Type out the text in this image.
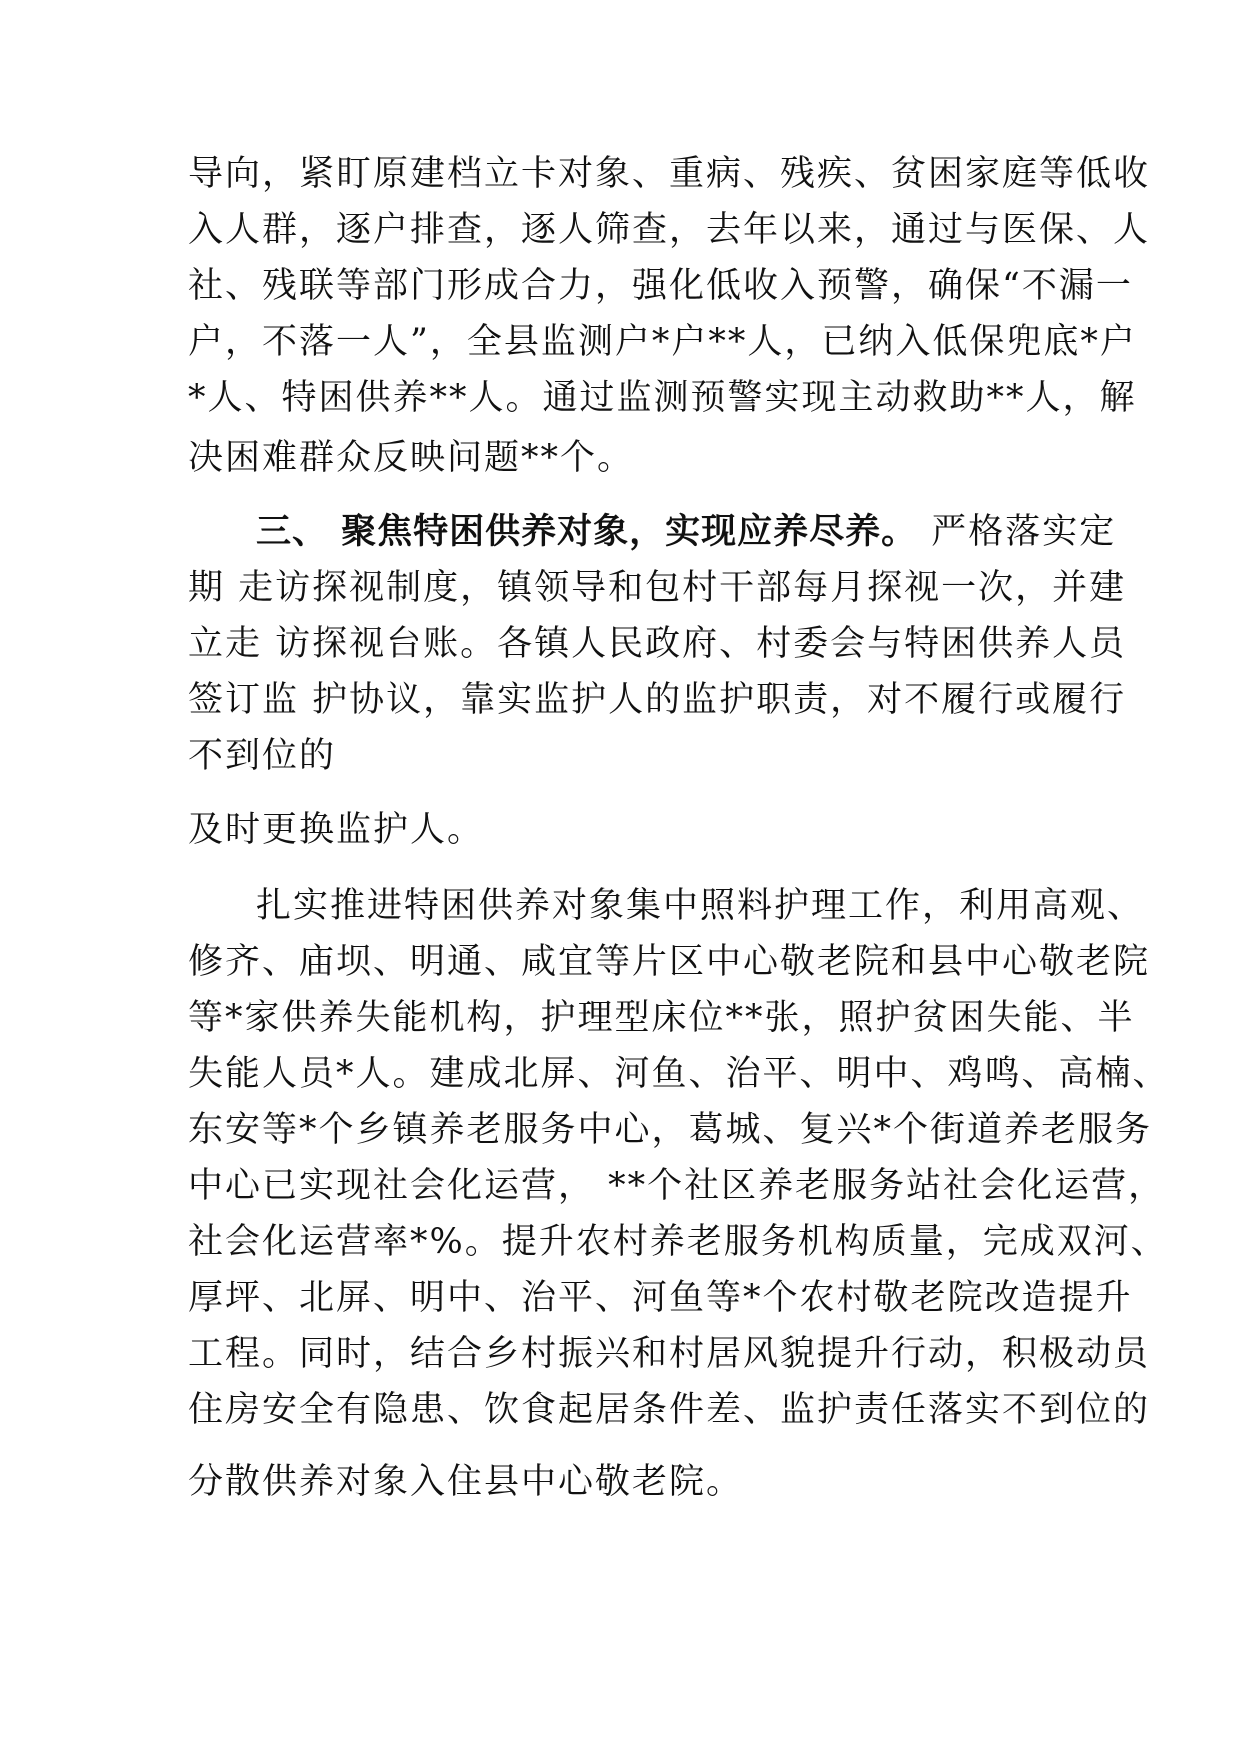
导向，紧盯原建档立卡对象、重病、残疾、贫困家庭等低收
入人群，逐户排查，逐人筛查，去年以来，通过与医保、人
社、残联等部门形成合力，强化低收入预警，确保“不漏一
户，不落一人”，全县监测户*户**人，已纳入低保兜底*户
*人、特困供养**人。通过监测预警实现主动救助**人，解
决困难群众反映问题**个。
三、 聚焦特困供养对象，实现应养尽养。 严格落实定
期 走访探视制度，镇领导和包村干部每月探视一次，并建
立走 访探视台账。各镇人民政府、村委会与特困供养人员
签订监 护协议，靠实监护人的监护职责，对不履行或履行
不到位的
及时更换监护人。
扎实推进特困供养对象集中照料护理工作，利用高观、
修齐、庙坝、明通、咸宜等片区中心敬老院和县中心敬老院
等*家供养失能机构，护理型床位**张，照护贫困失能、半
失能人员*人。建成北屏、河鱼、治平、明中、鸡鸣、高楠、
东安等*个乡镇养老服务中心，葛城、复兴*个街道养老服务
中心已实现社会化运营， **个社区养老服务站社会化运营，
社会化运营率*%。提升农村养老服务机构质量，完成双河、
厚坪、北屏、明中、治平、河鱼等*个农村敬老院改造提升
工程。同时，结合乡村振兴和村居风貌提升行动，积极动员
住房安全有隐患、饮食起居条件差、监护责任落实不到位的
分散供养对象入住县中心敬老院。
